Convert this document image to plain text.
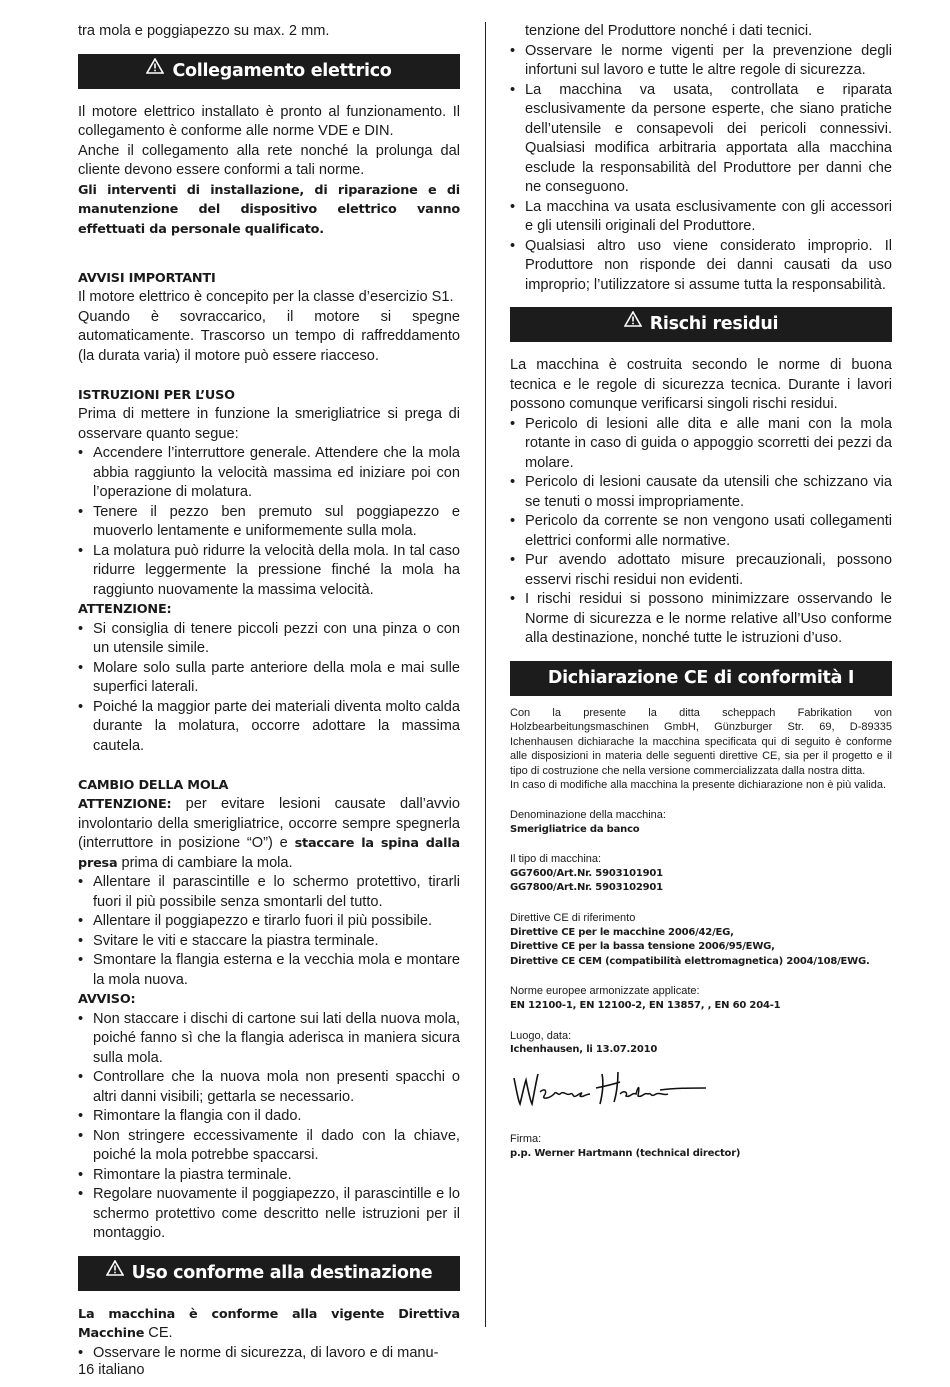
tra mola e poggiapezzo su max. 2 mm.

Collegamento elettrico

Il motore elettrico installato è pronto al funzionamento. Il collegamento è conforme alle norme VDE e DIN.

Anche il collegamento alla rete nonché la prolunga dal cliente devono essere conformi a tali norme.

Gli interventi di installazione, di riparazione e di manutenzione del dispositivo elettrico vanno effettuati da personale qualificato.

AVVISI IMPORTANTI

Il motore elettrico è concepito per la classe d’esercizio S1.

Quando è sovraccarico, il motore si spegne automaticamente. Trascorso un tempo di raffreddamento (la durata varia) il motore può essere riacceso.

ISTRUZIONI PER L’USO

Prima di mettere in funzione la smerigliatrice si prega di osservare quanto segue:

• Accendere l’interruttore generale. Attendere che la mola abbia raggiunto la velocità massima ed iniziare poi con l’operazione di molatura.
• Tenere il pezzo ben premuto sul poggiapezzo e muoverlo lentamente e uniformemente sulla mola.
• La molatura può ridurre la velocità della mola. In tal caso ridurre leggermente la pressione finché la mola ha raggiunto nuovamente la massima velocità.

ATTENZIONE:

• Si consiglia di tenere piccoli pezzi con una pinza o con un utensile simile.
• Molare solo sulla parte anteriore della mola e mai sulle superfici laterali.
• Poiché la maggior parte dei materiali diventa molto calda durante la molatura, occorre adottare la massima cautela.

CAMBIO DELLA MOLA

ATTENZIONE: per evitare lesioni causate dall’avvio involontario della smerigliatrice, occorre sempre spegnerla (interruttore in posizione “O”) e staccare la spina dalla presa prima di cambiare la mola.

• Allentare il parascintille e lo schermo protettivo, tirarli fuori il più possibile senza smontarli del tutto.
• Allentare il poggiapezzo e tirarlo fuori il più possibile.
• Svitare le viti e staccare la piastra terminale.
• Smontare la flangia esterna e la vecchia mola e montare la mola nuova.

AVVISO:

• Non staccare i dischi di cartone sui lati della nuova mola, poiché fanno sì che la flangia aderisca in maniera sicura sulla mola.
• Controllare che la nuova mola non presenti spacchi o altri danni visibili; gettarla se necessario.
• Rimontare la flangia con il dado.
• Non stringere eccessivamente il dado con la chiave, poiché la mola potrebbe spaccarsi.
• Rimontare la piastra terminale.
• Regolare nuovamente il poggiapezzo, il parascintille e lo schermo protettivo come descritto nelle istruzioni per il montaggio.
Uso conforme alla destinazione

La macchina è conforme alla vigente Direttiva Macchine CE.

• Osservare le norme di sicurezza, di lavoro e di manu-

tenzione del Produttore nonché i dati tecnici.

• Osservare le norme vigenti per la prevenzione degli infortuni sul lavoro e tutte le altre regole di sicurezza.
• La macchina va usata, controllata e riparata esclusivamente da persone esperte, che siano pratiche dell’utensile e consapevoli dei pericoli connessivi. Qualsiasi modifica arbitraria apportata alla macchina esclude la responsabilità del Produttore per danni che ne conseguono.
• La macchina va usata esclusivamente con gli accessori e gli utensili originali del Produttore.
• Qualsiasi altro uso viene considerato improprio. Il Produttore non risponde dei danni causati da uso improprio; l’utilizzatore si assume tutta la responsabilità.
Rischi residui

La macchina è costruita secondo le norme di buona tecnica e le regole di sicurezza tecnica. Durante i lavori possono comunque verificarsi singoli rischi residui.

• Pericolo di lesioni alle dita e alle mani con la mola rotante in caso di guida o appoggio scorretti dei pezzi da molare.
• Pericolo di lesioni causate da utensili che schizzano via se tenuti o mossi impropriamente.
• Pericolo da corrente se non vengono usati collegamenti elettrici conformi alle normative.
• Pur avendo adottato misure precauzionali, possono esservi rischi residui non evidenti.
• I rischi residui si possono minimizzare osservando le Norme di sicurezza e le norme relative all’Uso conforme alla destinazione, nonché tutte le istruzioni d’uso.
Dichiarazione CE di conformità I

Con la presente la ditta scheppach Fabrikation von Holzbearbeitungsmaschinen GmbH, Günzburger Str. 69, D-89335 Ichenhausen dichiarache la macchina specificata qui di seguito è conforme alle disposizioni in materia delle seguenti direttive CE, sia per il progetto e il tipo di costruzione che nella versione commercializzata dalla nostra ditta.

In caso di modifiche alla macchina la presente dichiarazione non è più valida.

Denominazione della macchina:
Smerigliatrice da banco
Il tipo di macchina:
GG7600/Art.Nr. 5903101901
GG7800/Art.Nr. 5903102901
Direttive CE di riferimento
Direttive CE per le macchine 2006/42/EG,
Direttive CE per la bassa tensione 2006/95/EWG,
Direttive CE CEM (compatibilità elettromagnetica) 2004/108/EWG.
Norme europee armonizzate applicate:
EN 12100-1, EN 12100-2, EN 13857, , EN 60 204-1
Luogo, data:
Ichenhausen, li 13.07.2010
Firma:
p.p. Werner Hartmann (technical director)
16 italiano
